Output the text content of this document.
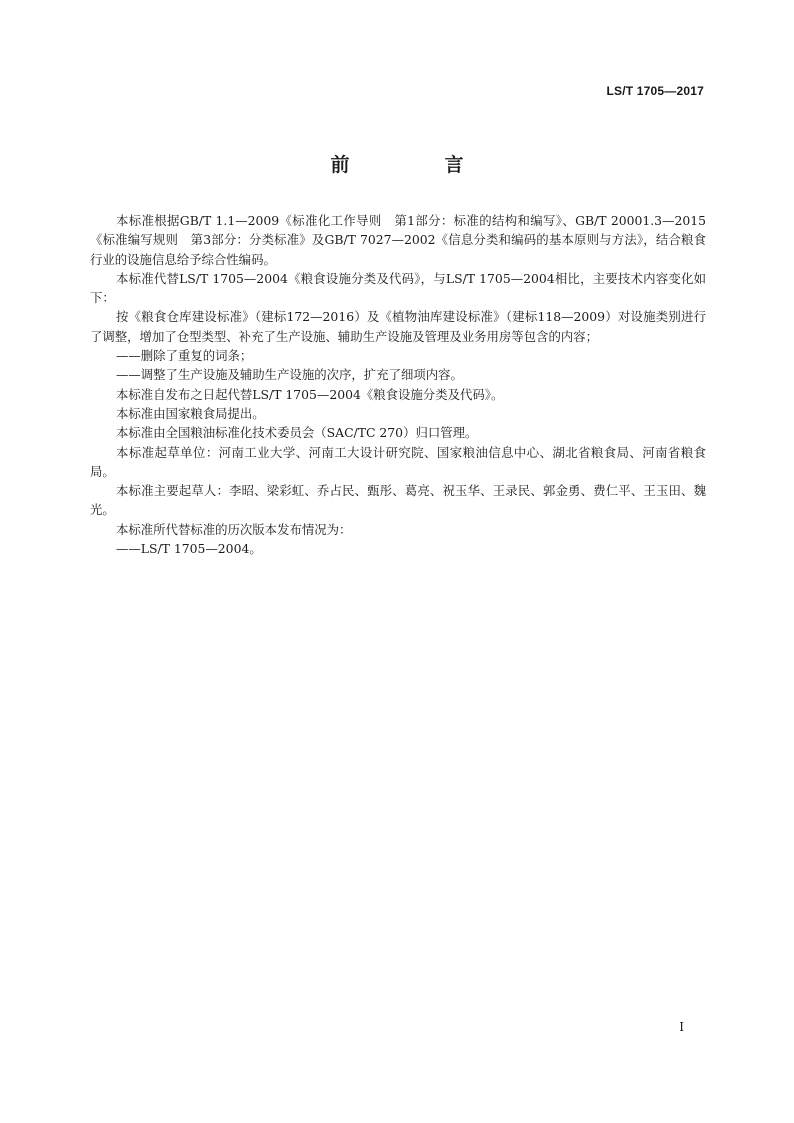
LS/T 1705—2017
前　言

本标准根据GB/T 1.1—2009《标准化工作导则　第1部分：标准的结构和编写》、GB/T 20001.3—2015《标准编写规则　第3部分：分类标准》及GB/T 7027—2002《信息分类和编码的基本原则与方法》，结合粮食行业的设施信息给予综合性编码。

本标准代替LS/T 1705—2004《粮食设施分类及代码》，与LS/T 1705—2004相比，主要技术内容变化如下：

按《粮食仓库建设标准》（建标172—2016）及《植物油库建设标准》（建标118—2009）对设施类别进行了调整，增加了仓型类型、补充了生产设施、辅助生产设施及管理及业务用房等包含的内容；

——删除了重复的词条；

——调整了生产设施及辅助生产设施的次序，扩充了细项内容。

本标准自发布之日起代替LS/T 1705—2004《粮食设施分类及代码》。

本标准由国家粮食局提出。

本标准由全国粮油标准化技术委员会（SAC/TC 270）归口管理。

本标准起草单位：河南工业大学、河南工大设计研究院、国家粮油信息中心、湖北省粮食局、河南省粮食局。

本标准主要起草人：李昭、梁彩虹、乔占民、甄彤、葛亮、祝玉华、王录民、郭金勇、费仁平、王玉田、魏光。

本标准所代替标准的历次版本发布情况为：

——LS/T 1705—2004。

I
